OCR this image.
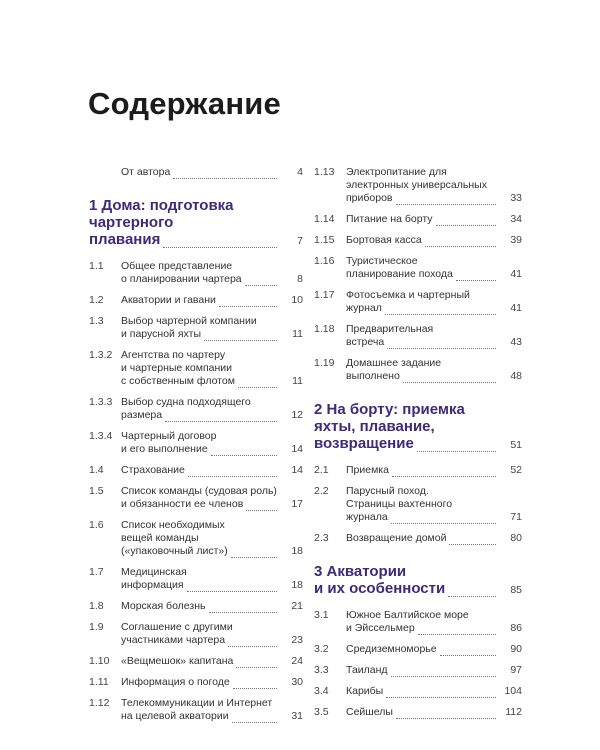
Содержание
От автора	4
1 Дома: подготовка
чартерного
плавания	7
1.1	Общее представление
о планировании чартера	8
1.2	Акватории и гавани	10
1.3	Выбор чартерной компании
и парусной яхты	11
1.3.2 Агентства по чартеру
и чартерные компании
с собственным флотом	11
1.3.3 Выбор судна подходящего
размера	12
1.3.4 Чартерный договор
и его выполнение	14
1.4	Страхование	14
1.5	Список команды (судовая роль)
и обязанности ее членов	17
1.6	Список необходимых
вещей команды
(«упаковочный лист»)	18
1.7	Медицинская
информация	18
1.8	Морская болезнь	21
1.9	Соглашение с другими
участниками чартера	23
1.10	«Вещмешок» капитана	24
1.11	Информация о погоде	30
1.12	Телекоммуникации и Интернет
на целевой акватории	31
1.13	Электропитание для
электронных универсальных
приборов	33
1.14	Питание на борту	34
1.15	Бортовая касса	39
1.16	Туристическое
планирование похода	41
1.17	Фотосъемка и чартерный
журнал	41
1.18	Предварительная
встреча	43
1.19	Домашнее задание
выполнено	48
2 На борту: приемка
яхты, плавание,
возвращение	51
2.1	Приемка	52
2.2	Парусный поход.
Страницы вахтенного
журнала	71
2.3	Возвращение домой	80
3 Акватории
и их особенности	85
3.1	Южное Балтийское море
и Эйссельмер	86
3.2	Средиземноморье	90
3.3	Таиланд	97
3.4	Карибы	104
3.5	Сейшелы	112
